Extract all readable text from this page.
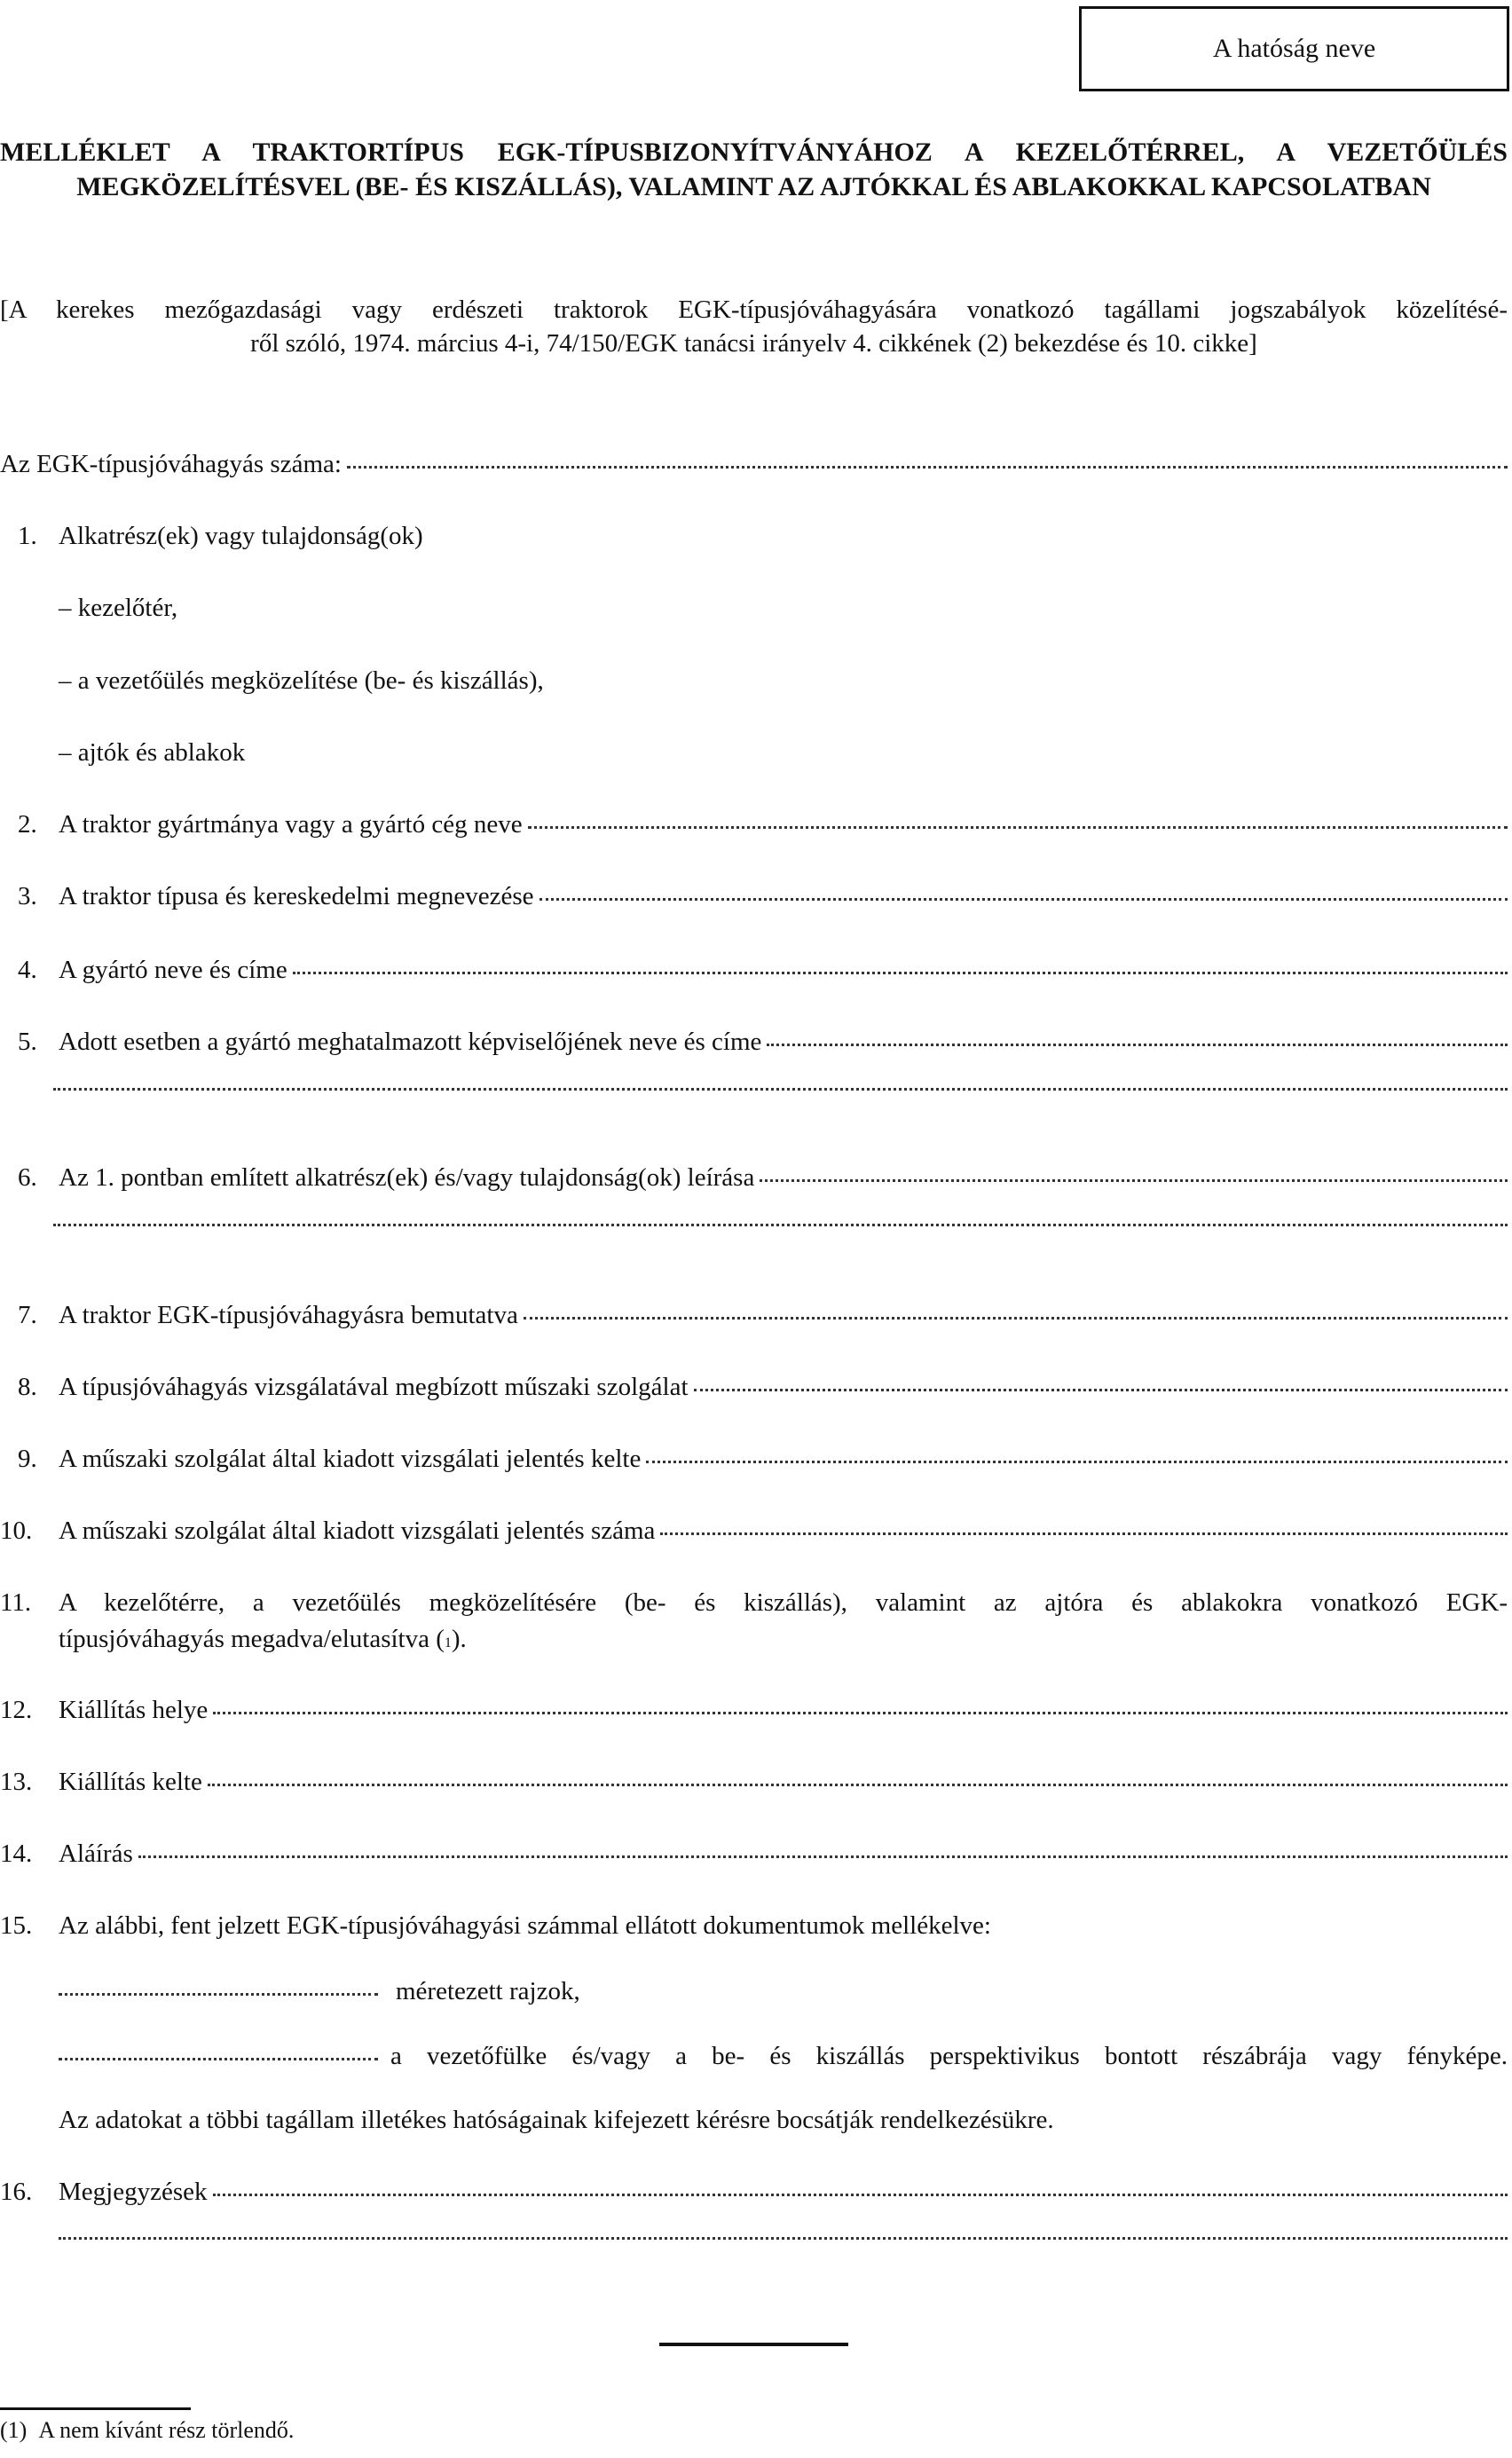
A hatóság neve
MELLÉKLET A TRAKTORTÍPUS EGK-TÍPUSBIZONYÍTVÁNYÁHOZ A KEZELŐTÉRREL, A VEZETŐÜLÉS
MEGKÖZELÍTÉSVEL (BE- ÉS KISZÁLLÁS), VALAMINT AZ AJTÓKKAL ÉS ABLAKOKKAL KAPCSOLATBAN
[A kerekes mezőgazdasági vagy erdészeti traktorok EGK-típusjóváhagyására vonatkozó tagállami jogszabályok közelítésé-
ről szóló, 1974. március 4-i, 74/150/EGK tanácsi irányelv 4. cikkének (2) bekezdése és 10. cikke]
Az EGK-típusjóváhagyás száma:
1. Alkatrész(ek) vagy tulajdonság(ok)
– kezelőtér,
– a vezetőülés megközelítése (be- és kiszállás),
– ajtók és ablakok
2. A traktor gyártmánya vagy a gyártó cég neve
3. A traktor típusa és kereskedelmi megnevezése
4. A gyártó neve és címe
5. Adott esetben a gyártó meghatalmazott képviselőjének neve és címe
6. Az 1. pontban említett alkatrész(ek) és/vagy tulajdonság(ok) leírása
7. A traktor EGK-típusjóváhagyásra bemutatva
8. A típusjóváhagyás vizsgálatával megbízott műszaki szolgálat
9. A műszaki szolgálat által kiadott vizsgálati jelentés kelte
10.	A műszaki szolgálat által kiadott vizsgálati jelentés száma
11.	A kezelőtérre, a vezetőülés megközelítésére (be- és kiszállás), valamint az ajtóra és ablakokra vonatkozó EGK-
típusjóváhagyás megadva/elutasítva ( 1 ).
12.	Kiállítás helye
13.	Kiállítás kelte
14.	Aláírás
15.	Az alábbi, fent jelzett EGK-típusjóváhagyási számmal ellátott dokumentumok mellékelve:
méretezett rajzok,
a vezetőfülke és/vagy a be- és kiszállás perspektivikus bontott részábrája vagy fényképe.
Az adatokat a többi tagállam illetékes hatóságainak kifejezett kérésre bocsátják rendelkezésükre.
16.	Megjegyzések
(1) A nem kívánt rész törlendő.
